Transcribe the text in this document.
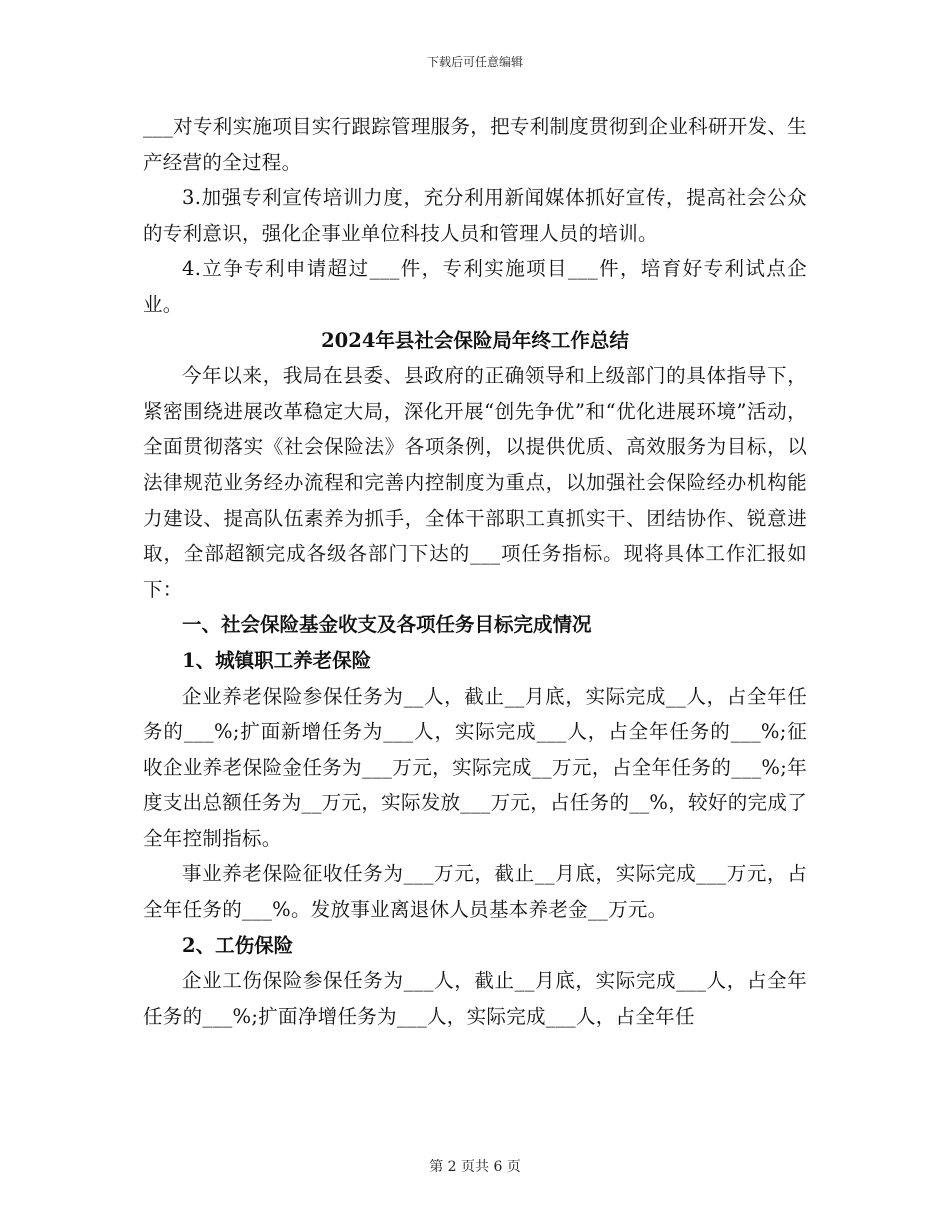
下载后可任意编辑

___对专利实施项目实行跟踪管理服务，把专利制度贯彻到企业科研开发、生产经营的全过程。

3.加强专利宣传培训力度，充分利用新闻媒体抓好宣传，提高社会公众的专利意识，强化企事业单位科技人员和管理人员的培训。

4.立争专利申请超过___件，专利实施项目___件，培育好专利试点企业。

2024年县社会保险局年终工作总结

今年以来，我局在县委、县政府的正确领导和上级部门的具体指导下，紧密围绕进展改革稳定大局，深化开展“创先争优”和“优化进展环境”活动，全面贯彻落实《社会保险法》各项条例，以提供优质、高效服务为目标，以法律规范业务经办流程和完善内控制度为重点，以加强社会保险经办机构能力建设、提高队伍素养为抓手，全体干部职工真抓实干、团结协作、锐意进取，全部超额完成各级各部门下达的___项任务指标。现将具体工作汇报如下：

一、社会保险基金收支及各项任务目标完成情况

1、城镇职工养老保险

企业养老保险参保任务为__人，截止__月底，实际完成__人，占全年任务的___%;扩面新增任务为___人，实际完成___人，占全年任务的___%;征收企业养老保险金任务为___万元，实际完成__万元，占全年任务的___%;年度支出总额任务为__万元，实际发放___万元，占任务的__%，较好的完成了全年控制指标。

事业养老保险征收任务为___万元，截止__月底，实际完成___万元，占全年任务的___%。发放事业离退休人员基本养老金__万元。

2、工伤保险

企业工伤保险参保任务为___人，截止__月底，实际完成___人，占全年任务的___%;扩面净增任务为___人，实际完成___人，占全年任

第 2 页共 6 页
